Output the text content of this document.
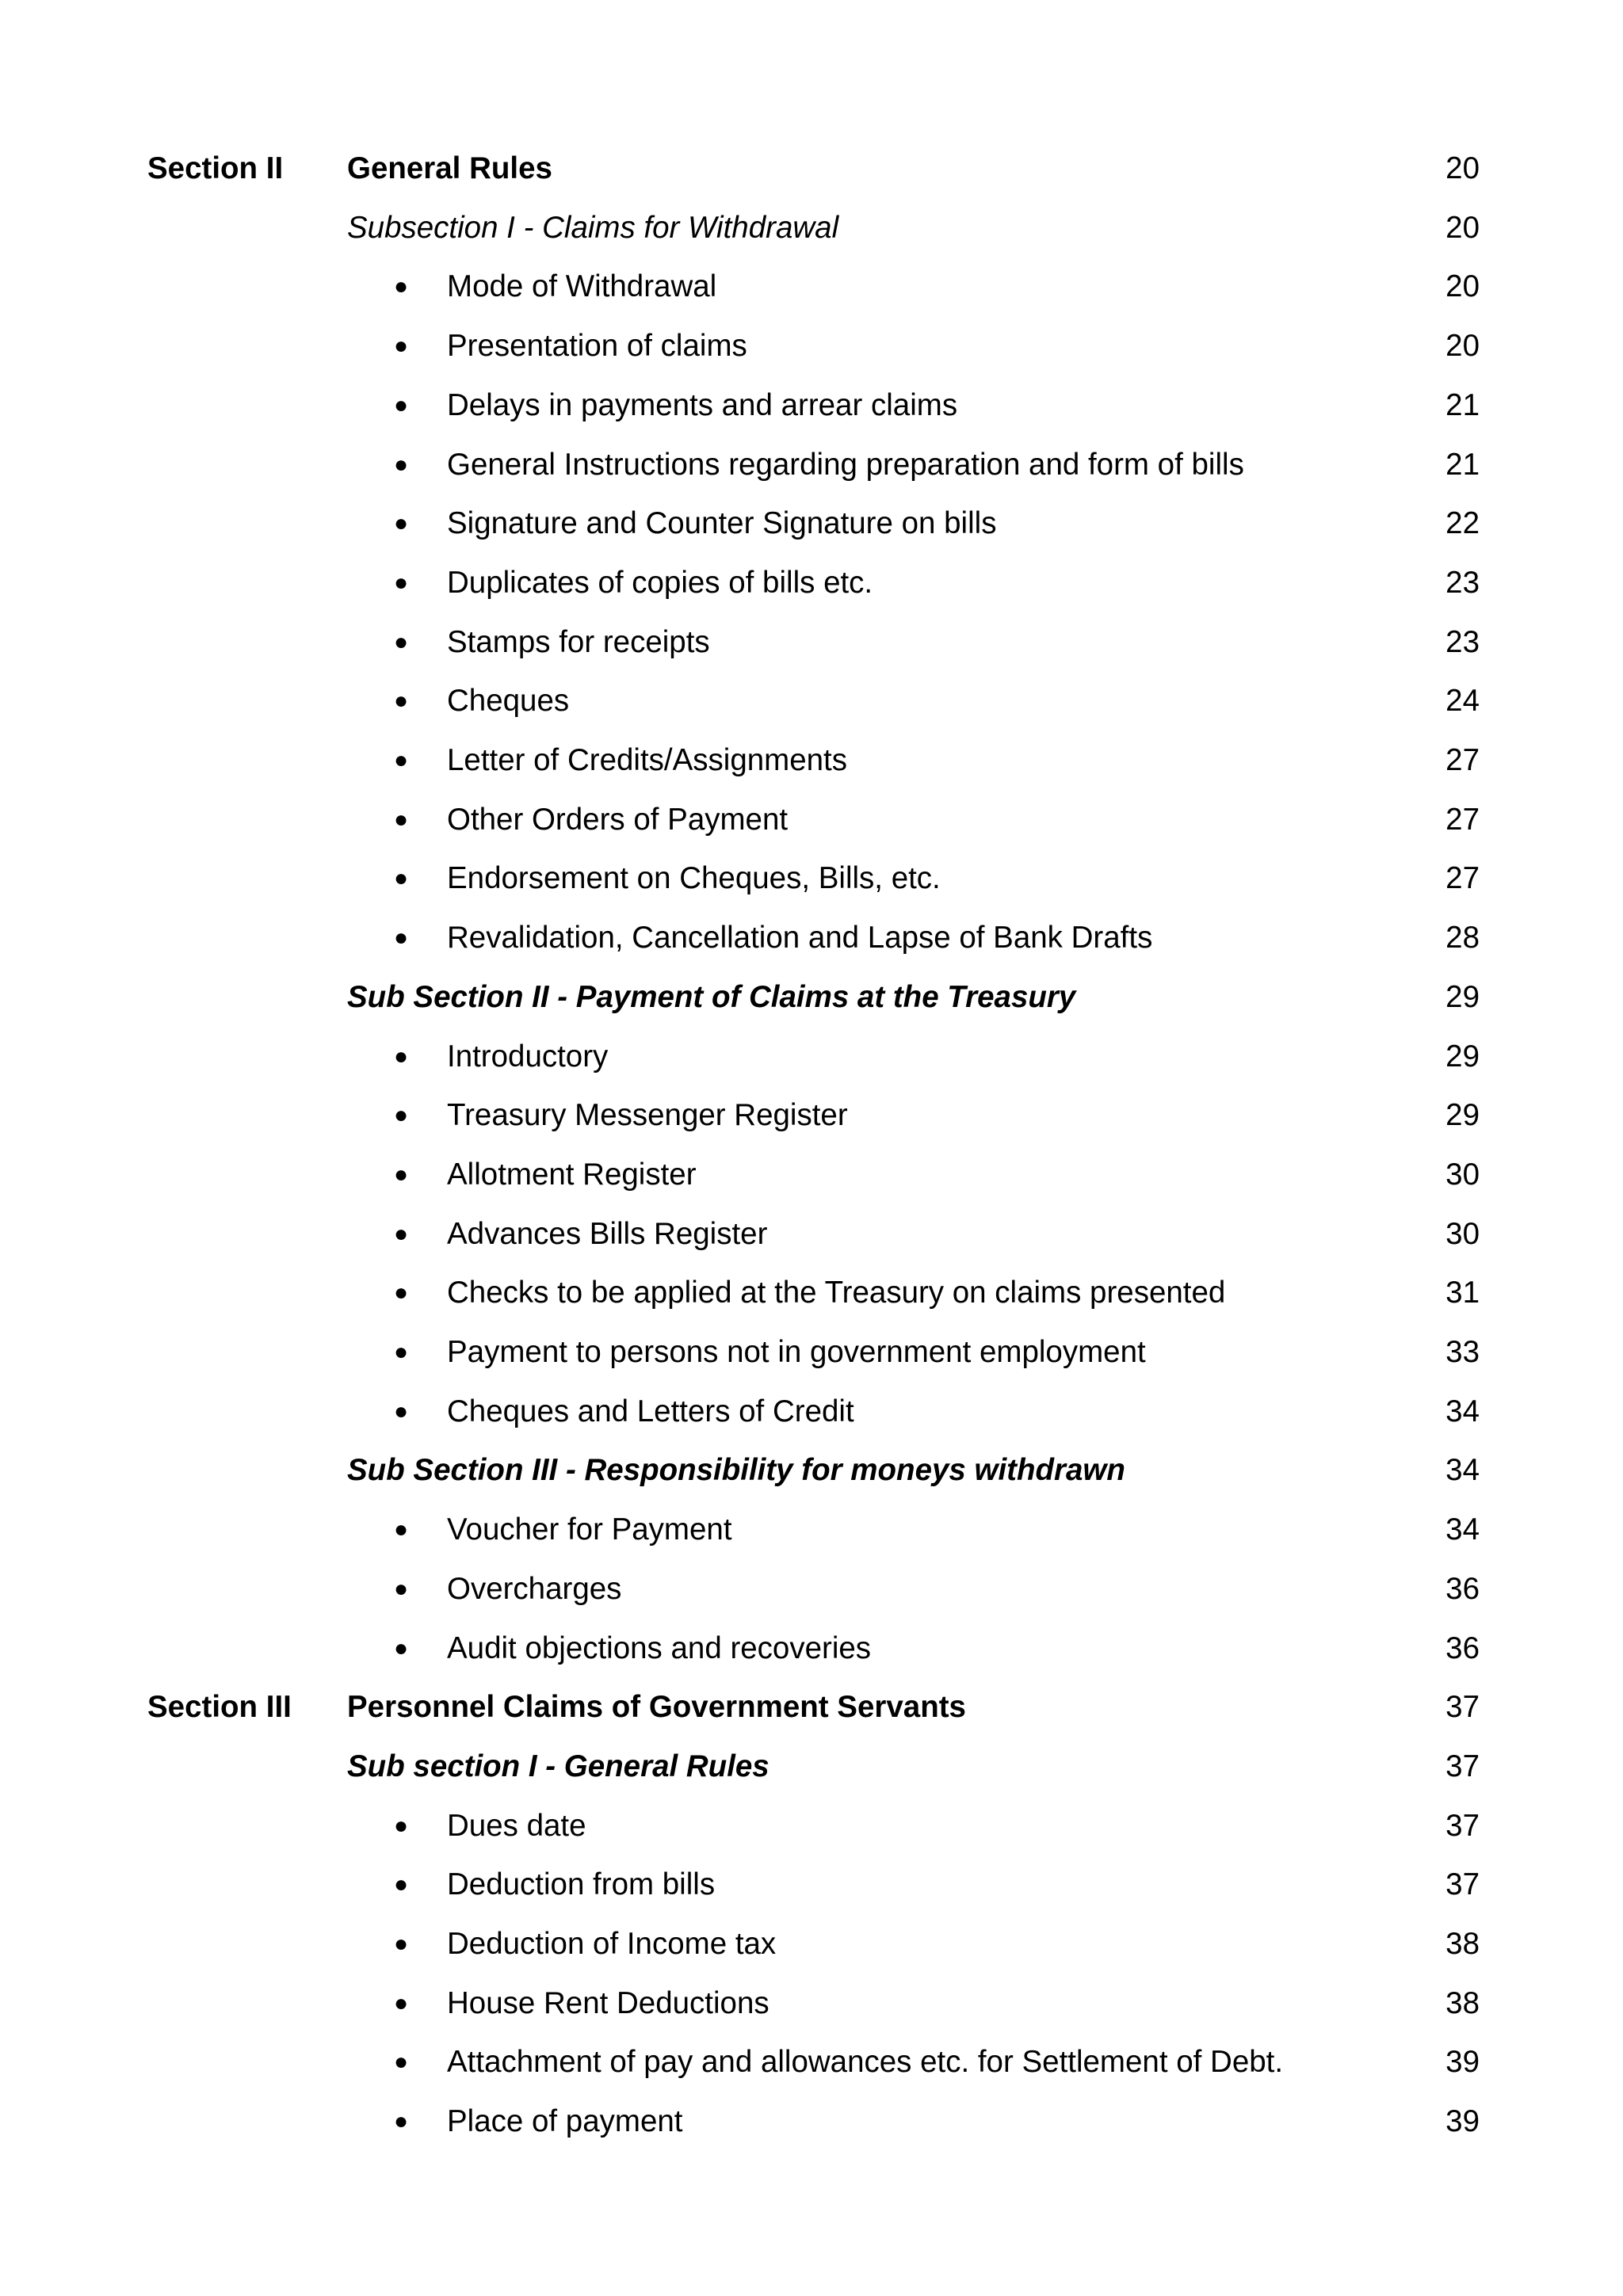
Section II General Rules	20
Subsection I - Claims for Withdrawal	20
● Mode of Withdrawal	20
● Presentation of claims	20
● Delays in payments and arrear claims	21
● General Instructions regarding preparation and form of bills	21
● Signature and Counter Signature on bills	22
● Duplicates of copies of bills etc.	23
● Stamps for receipts	23
● Cheques	24
● Letter of Credits/Assignments	27
● Other Orders of Payment	27
● Endorsement on Cheques, Bills, etc.	27
● Revalidation, Cancellation and Lapse of Bank Drafts	28
Sub Section II - Payment of Claims at the Treasury	29
● Introductory	29
● Treasury Messenger Register	29
● Allotment Register	30
● Advances Bills Register	30
● Checks to be applied at the Treasury on claims presented	31
● Payment to persons not in government employment	33
● Cheques and Letters of Credit	34
Sub Section III - Responsibility for moneys withdrawn	34
● Voucher for Payment	34
● Overcharges	36
● Audit objections and recoveries	36
Section III Personnel Claims of Government Servants	37
Sub section I - General Rules	37
● Dues date	37
● Deduction from bills	37
● Deduction of Income tax	38
● House Rent Deductions	38
● Attachment of pay and allowances etc. for Settlement of Debt.	39
● Place of payment	39
